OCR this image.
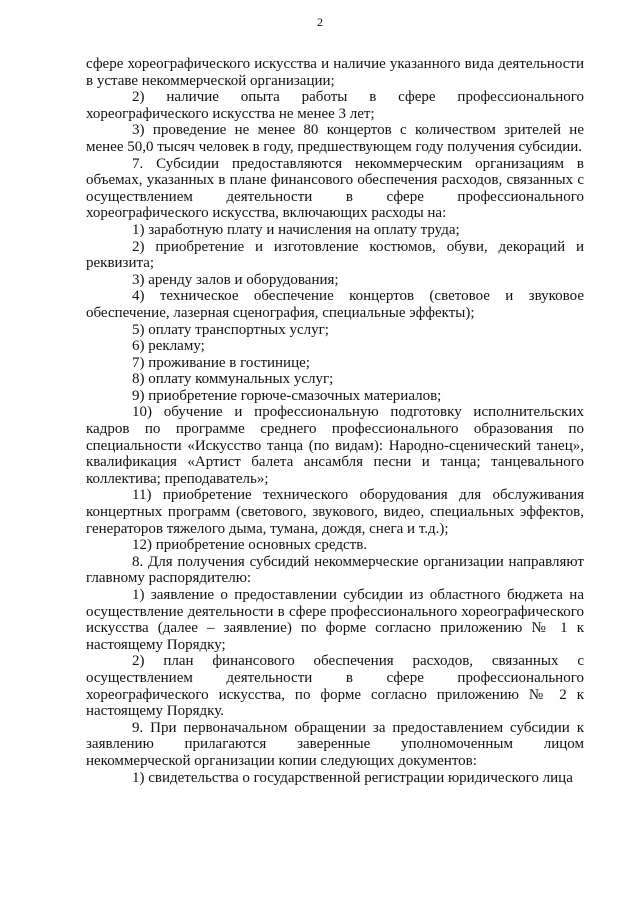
2

сфере хореографического искусства и наличие указанного вида деятельности в уставе некоммерческой организации;

2) наличие опыта работы в сфере профессионального хореографического искусства не менее 3 лет;

3) проведение не менее 80 концертов с количеством зрителей не менее 50,0 тысяч человек в году, предшествующем году получения субсидии.

7. Субсидии предоставляются некоммерческим организациям в объемах, указанных в плане финансового обеспечения расходов, связанных с осуществлением деятельности в сфере профессионального хореографического искусства, включающих расходы на:

1) заработную плату и начисления на оплату труда;

2) приобретение и изготовление костюмов, обуви, декораций и реквизита;

3) аренду залов и оборудования;

4) техническое обеспечение концертов (световое и звуковое обеспечение, лазерная сценография, специальные эффекты);

5) оплату транспортных услуг;

6) рекламу;

7) проживание в гостинице;

8) оплату коммунальных услуг;

9) приобретение горюче-смазочных материалов;

10) обучение и профессиональную подготовку исполнительских кадров по программе среднего профессионального образования по специальности «Искусство танца (по видам): Народно-сценический танец», квалификация «Артист балета ансамбля песни и танца; танцевального коллектива; преподаватель»;

11) приобретение технического оборудования для обслуживания концертных программ (светового, звукового, видео, специальных эффектов, генераторов тяжелого дыма, тумана, дождя, снега и т.д.);

12) приобретение основных средств.

8. Для получения субсидий некоммерческие организации направляют главному распорядителю:

1) заявление о предоставлении субсидии из областного бюджета на осуществление деятельности в сфере профессионального хореографического искусства (далее – заявление) по форме согласно приложению № 1 к настоящему Порядку;

2) план финансового обеспечения расходов, связанных с осуществлением деятельности в сфере профессионального хореографического искусства, по форме согласно приложению № 2 к настоящему Порядку.

9. При первоначальном обращении за предоставлением субсидии к заявлению прилагаются заверенные уполномоченным лицом некоммерческой организации копии следующих документов:

1) свидетельства о государственной регистрации юридического лица
